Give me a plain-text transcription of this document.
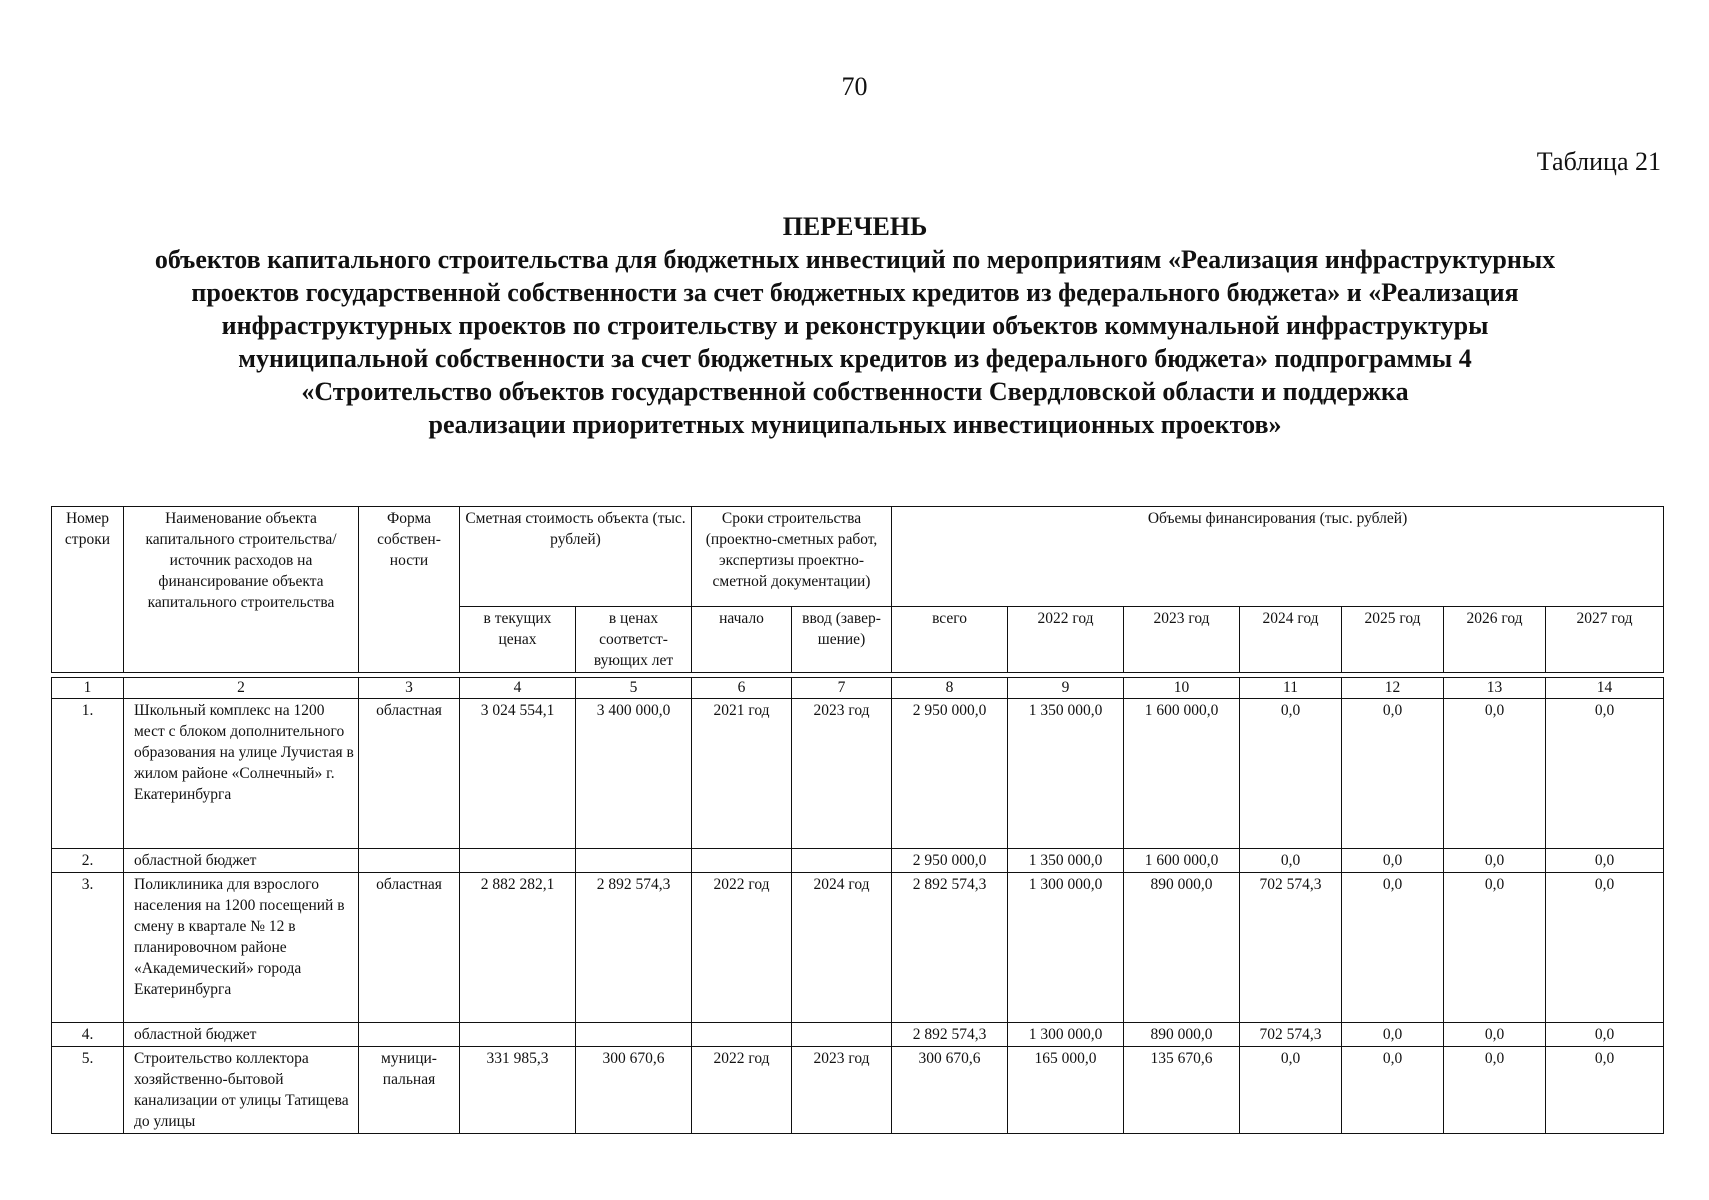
70
Таблица 21
ПЕРЕЧЕНЬ
объектов капитального строительства для бюджетных инвестиций по мероприятиям «Реализация инфраструктурных
проектов государственной собственности за счет бюджетных кредитов из федерального бюджета» и «Реализация
инфраструктурных проектов по строительству и реконструкции объектов коммунальной инфраструктуры
муниципальной собственности за счет бюджетных кредитов из федерального бюджета» подпрограммы 4
«Строительство объектов государственной собственности Свердловской области и поддержка
реализации приоритетных муниципальных инвестиционных проектов»
Номер строки	Наименование объекта капитального строительства/источник расходов на финансирование объекта капитального строительства	Форма собствен-ности	Сметная стоимость объекта (тыс. рублей)		Сроки строительства (проектно-сметных работ, экспертизы проектно-сметной документации)		Объемы финансирования (тыс. рублей)						
			в текущих ценах	в ценах соответст-вующих лет	начало	ввод (завер-шение)	всего	2022 год	2023 год	2024 год	2025 год	2026 год	2027 год

1	2	3	4	5	6	7	8	9	10	11	12	13	14
1.	Школьный комплекс на 1200 мест с блоком дополнительного образования на улице Лучистая в жилом районе «Солнечный» г. Екатеринбурга	областная	3 024 554,1	3 400 000,0	2021 год	2023 год	2 950 000,0	1 350 000,0	1 600 000,0	0,0	0,0	0,0	0,0
2.	областной бюджет						2 950 000,0	1 350 000,0	1 600 000,0	0,0	0,0	0,0	0,0
3.	Поликлиника для взрослого населения на 1200 посещений в смену в квартале № 12 в планировочном районе «Академический» города Екатеринбурга	областная	2 882 282,1	2 892 574,3	2022 год	2024 год	2 892 574,3	1 300 000,0	890 000,0	702 574,3	0,0	0,0	0,0
4.	областной бюджет						2 892 574,3	1 300 000,0	890 000,0	702 574,3	0,0	0,0	0,0
5.	Строительство коллектора хозяйственно-бытовой канализации от улицы Татищева до улицы	муници-пальная	331 985,3	300 670,6	2022 год	2023 год	300 670,6	165 000,0	135 670,6	0,0	0,0	0,0	0,0
